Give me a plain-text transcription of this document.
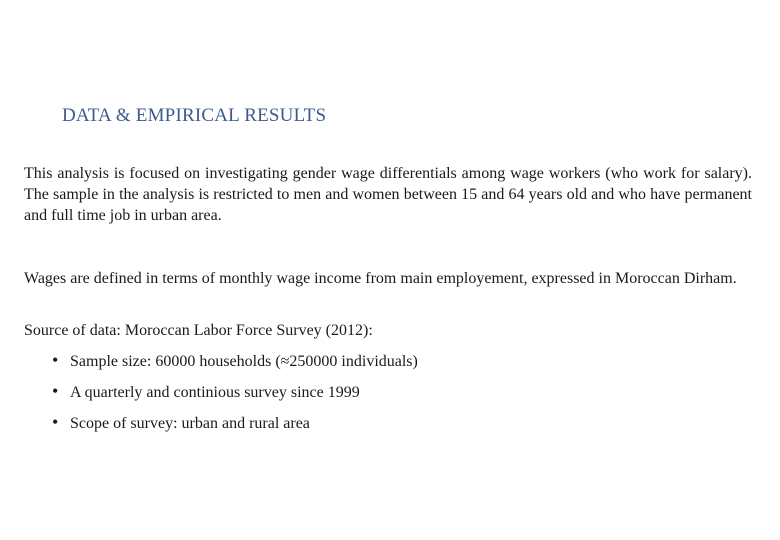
DATA & EMPIRICAL RESULTS

This analysis is focused on investigating gender wage differentials among wage workers (who work for salary). The sample in the analysis is restricted to men and women between 15 and 64 years old and who have permanent and full time job in urban area.

Wages are defined in terms of monthly wage income from main employement, expressed in Moroccan Dirham.

Source of data: Moroccan Labor Force Survey (2012):

• Sample size: 60000 households (≈250000 individuals)
• A quarterly and continious survey since 1999
• Scope of survey: urban and rural area
